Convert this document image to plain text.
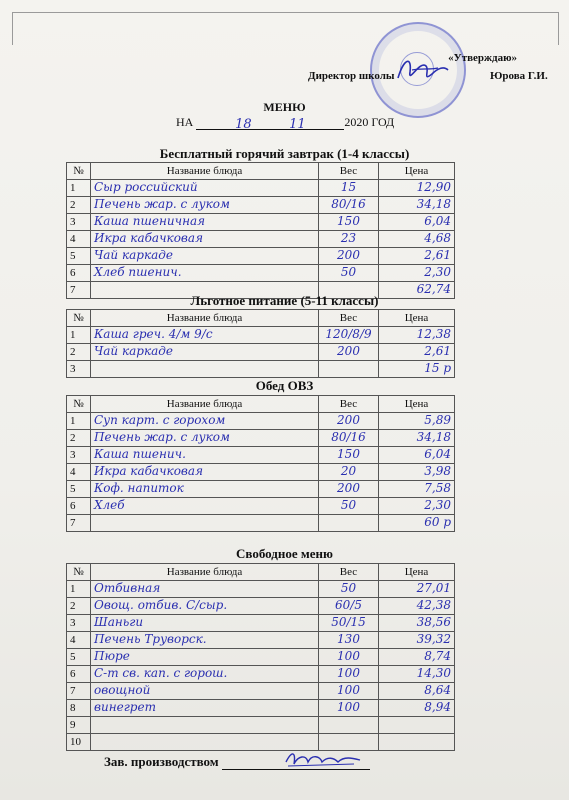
«Утверждаю»
Директор школы	Юрова Г.И.
МЕНЮ
НА	18	11	2020 ГОД
Бесплатный горячий завтрак (1-4 классы)
№	Название блюда	Вес	Цена
1	Сыр российский	15	12,90
2	Печень жар. с луком	80/16	34,18
3	Каша пшеничная	150	6,04
4	Икра кабачковая	23	4,68
5	Чай каркаде	200	2,61
6	Хлеб пшенич.	50	2,30
7			62,74
Льготное питание (5-11 классы)
№	Название блюда	Вес	Цена
1	Каша греч. 4/м 9/с	120/8/9	12,38
2	Чай каркаде	200	2,61
3			15 р
Обед ОВЗ
№	Название блюда	Вес	Цена
1	Суп карт. с горохом	200	5,89
2	Печень жар. с луком	80/16	34,18
3	Каша пшенич.	150	6,04
4	Икра кабачковая	20	3,98
5	Коф. напиток	200	7,58
6	Хлеб	50	2,30
7			60 р
Свободное меню
№	Название блюда	Вес	Цена
1	Отбивная	50	27,01
2	Овощ. отбив. С/сыр.	60/5	42,38
3	Шаньги	50/15	38,56
4	Печень Труворск.	130	39,32
5	Пюре	100	8,74
6	С-т св. кап. с горош.	100	14,30
7	овощной	100	8,64
8	винегрет	100	8,94
9			
10			
Зав. производством
